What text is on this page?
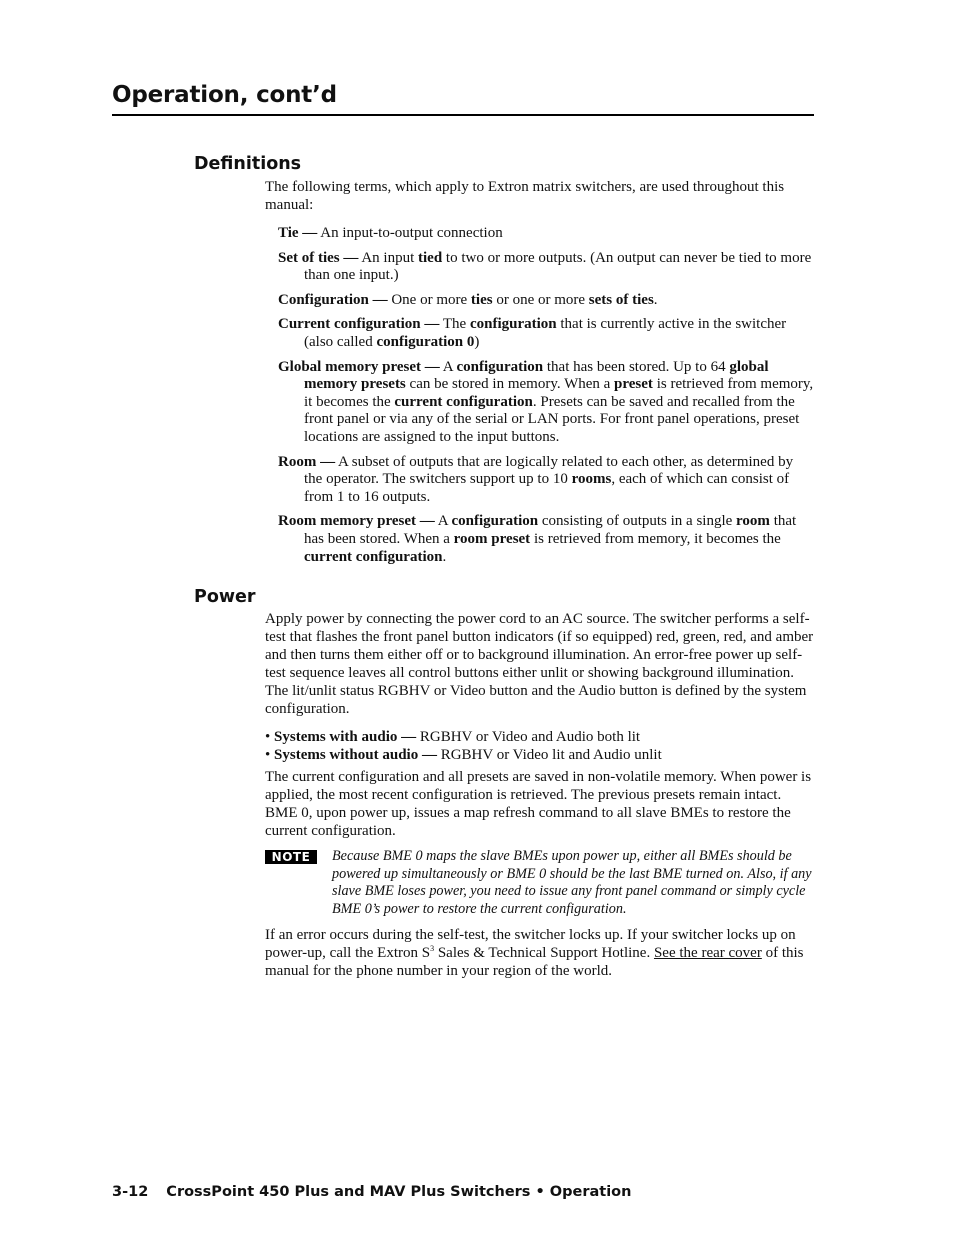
Operation, cont’d
Definitions

The following terms, which apply to Extron matrix switchers, are used throughout this manual:

Tie — An input-to-output connection

Set of ties — An input tied to two or more outputs. (An output can never be tied to more than one input.)

Configuration — One or more ties or one or more sets of ties.

Current configuration — The configuration that is currently active in the switcher (also called configuration 0)

Global memory preset — A configuration that has been stored. Up to 64 global memory presets can be stored in memory. When a preset is retrieved from memory, it becomes the current configuration. Presets can be saved and recalled from the front panel or via any of the serial or LAN ports. For front panel operations, preset locations are assigned to the input buttons.

Room — A subset of outputs that are logically related to each other, as determined by the operator. The switchers support up to 10 rooms, each of which can consist of from 1 to 16 outputs.

Room memory preset — A configuration consisting of outputs in a single room that has been stored. When a room preset is retrieved from memory, it becomes the current configuration.

Power

Apply power by connecting the power cord to an AC source. The switcher performs a self-test that flashes the front panel button indicators (if so equipped) red, green, red, and amber and then turns them either off or to background illumination. An error-free power up self-test sequence leaves all control buttons either unlit or showing background illumination. The lit/unlit status RGBHV or Video button and the Audio button is defined by the system configuration.

• Systems with audio — RGBHV or Video and Audio both lit
• Systems without audio — RGBHV or Video lit and Audio unlit

The current configuration and all presets are saved in non-volatile memory. When power is applied, the most recent configuration is retrieved. The previous presets remain intact. BME 0, upon power up, issues a map refresh command to all slave BMEs to restore the current configuration.

NOTE	Because BME 0 maps the slave BMEs upon power up, either all BMEs should be powered up simultaneously or BME 0 should be the last BME turned on. Also, if any slave BME loses power, you need to issue any front panel command or simply cycle BME 0’s power to restore the current configuration.

If an error occurs during the self-test, the switcher locks up. If your switcher locks up on power-up, call the Extron $S^3$ Sales & Technical Support Hotline. See the rear cover of this manual for the phone number in your region of the world.

3-12 CrossPoint 450 Plus and MAV Plus Switchers • Operation
